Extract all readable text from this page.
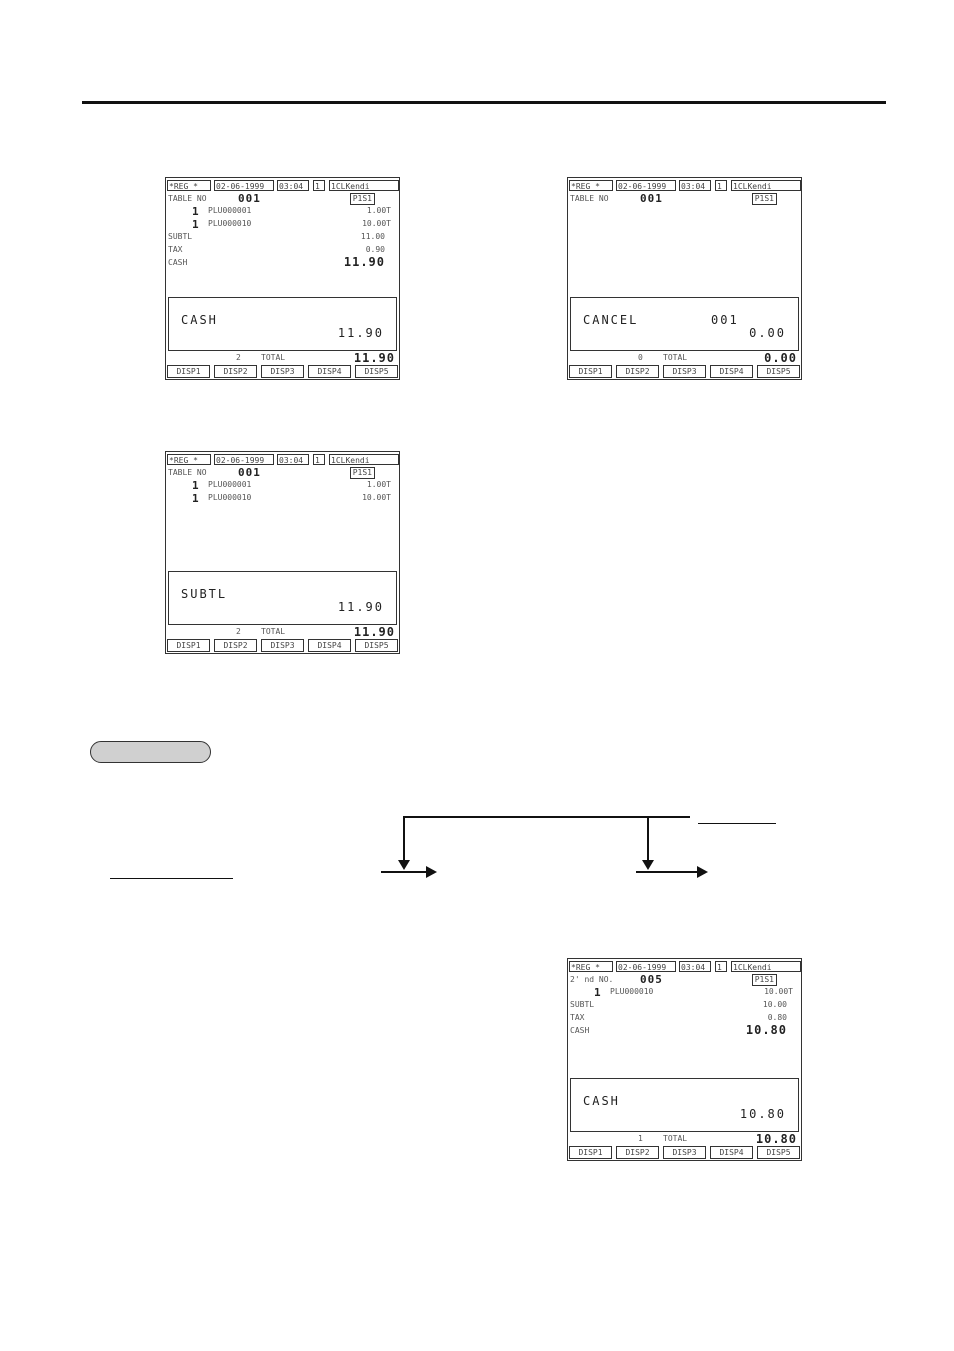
*REG *	02-06-1999	03:04	1	1CLKendi
TABLE NO	001	P1S1
1 PLU000001	1.00T
1 PLU000010	10.00T
SUBTL	11.00
TAX	0.90
CASH	11.90
CASH
11.90
2	TOTAL	11.90
DISP1	DISP2	DISP3	DISP4	DISP5
*REG *	02-06-1999	03:04	1	1CLKendi
TABLE NO	001	P1S1
CANCEL	001
0.00
0	TOTAL	0.00
DISP1	DISP2	DISP3	DISP4	DISP5
*REG *	02-06-1999	03:04	1	1CLKendi
TABLE NO	001	P1S1
1 PLU000001	1.00T
1 PLU000010	10.00T
SUBTL
11.90
2	TOTAL	11.90
DISP1	DISP2	DISP3	DISP4	DISP5
*REG *	02-06-1999	03:04	1	1CLKendi
2' nd NO. 005	P1S1
1 PLU000010	10.00T
SUBTL	10.00
TAX	0.80
CASH	10.80
CASH
10.80
1	TOTAL	10.80
DISP1	DISP2	DISP3	DISP4	DISP5
